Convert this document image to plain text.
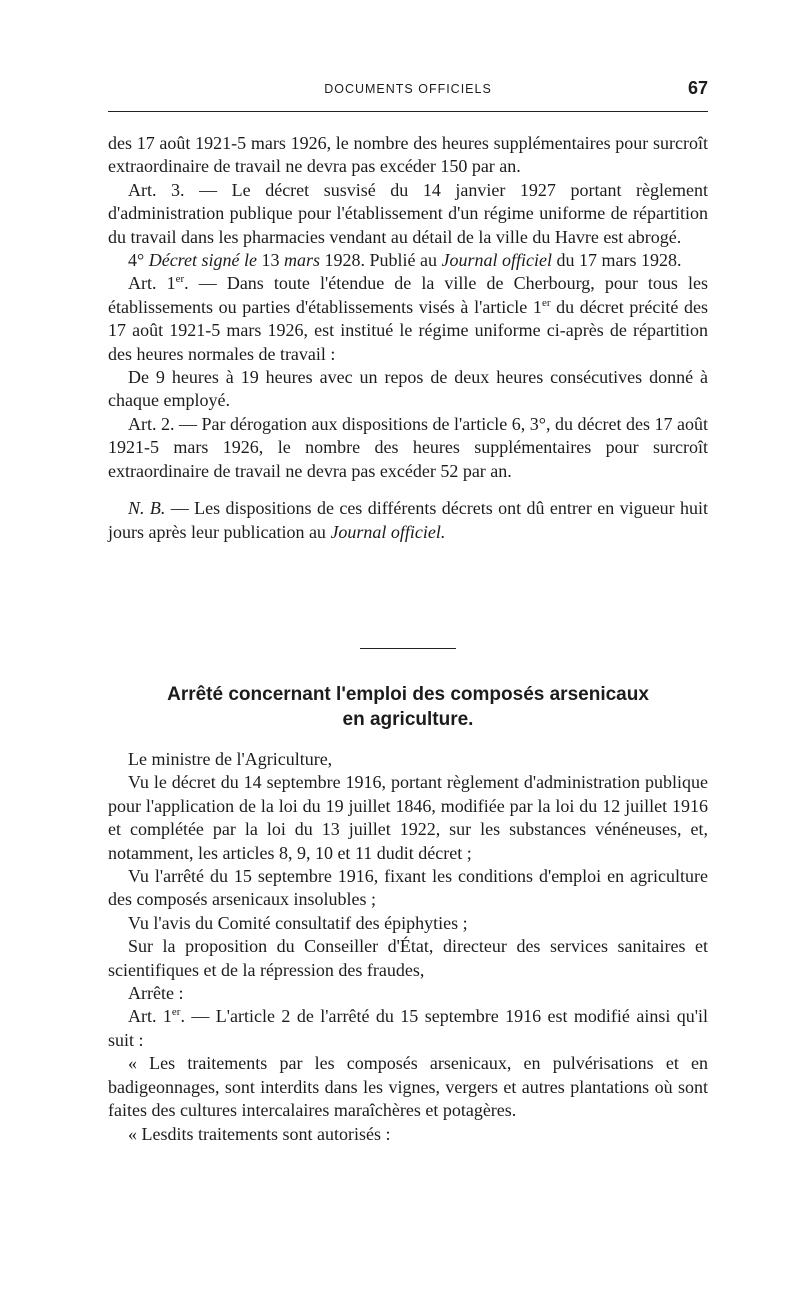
DOCUMENTS OFFICIELS	67

des 17 août 1921-5 mars 1926, le nombre des heures supplémentaires pour surcroît extraordinaire de travail ne devra pas excéder 150 par an.

Art. 3. — Le décret susvisé du 14 janvier 1927 portant règlement d'administration publique pour l'établissement d'un régime uniforme de répartition du travail dans les pharmacies vendant au détail de la ville du Havre est abrogé.

4° Décret signé le 13 mars 1928. Publié au Journal officiel du 17 mars 1928.

Art. 1er. — Dans toute l'étendue de la ville de Cherbourg, pour tous les établissements ou parties d'établissements visés à l'article 1er du décret précité des 17 août 1921-5 mars 1926, est institué le régime uniforme ci-après de répartition des heures normales de travail :

De 9 heures à 19 heures avec un repos de deux heures consécutives donné à chaque employé.

Art. 2. — Par dérogation aux dispositions de l'article 6, 3°, du décret des 17 août 1921-5 mars 1926, le nombre des heures supplémentaires pour surcroît extraordinaire de travail ne devra pas excéder 52 par an.

N. B. — Les dispositions de ces différents décrets ont dû entrer en vigueur huit jours après leur publication au Journal officiel.

Arrêté concernant l'emploi des composés arsenicaux
en agriculture.

Le ministre de l'Agriculture,

Vu le décret du 14 septembre 1916, portant règlement d'administration publique pour l'application de la loi du 19 juillet 1846, modifiée par la loi du 12 juillet 1916 et complétée par la loi du 13 juillet 1922, sur les substances vénéneuses, et, notamment, les articles 8, 9, 10 et 11 dudit décret ;

Vu l'arrêté du 15 septembre 1916, fixant les conditions d'emploi en agriculture des composés arsenicaux insolubles ;

Vu l'avis du Comité consultatif des épiphyties ;

Sur la proposition du Conseiller d'État, directeur des services sanitaires et scientifiques et de la répression des fraudes,

Arrête :

Art. 1er. — L'article 2 de l'arrêté du 15 septembre 1916 est modifié ainsi qu'il suit :

« Les traitements par les composés arsenicaux, en pulvérisations et en badigeonnages, sont interdits dans les vignes, vergers et autres plantations où sont faites des cultures intercalaires maraîchères et potagères.

« Lesdits traitements sont autorisés :
